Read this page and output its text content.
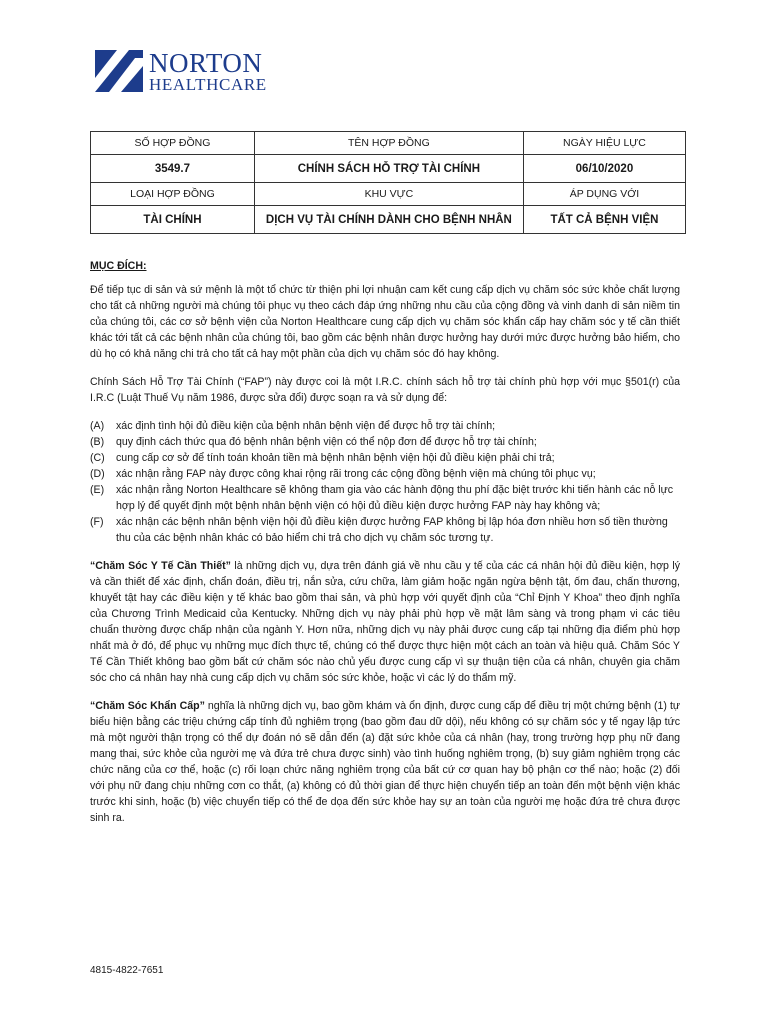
NORTON
HEALTHCARE
SỐ HỢP ĐỒNG	TÊN HỢP ĐỒNG	NGÀY HIỆU LỰC
3549.7	CHÍNH SÁCH HỖ TRỢ TÀI CHÍNH	06/10/2020
LOẠI HỢP ĐỒNG	KHU VỰC	ÁP DỤNG VỚI
TÀI CHÍNH	DỊCH VỤ TÀI CHÍNH DÀNH CHO BỆNH NHÂN	TẤT CẢ BỆNH VIỆN
MỤC ĐÍCH:

Để tiếp tục di sản và sứ mệnh là một tổ chức từ thiện phi lợi nhuận cam kết cung cấp dịch vụ chăm sóc sức khỏe chất lượng cho tất cả những người mà chúng tôi phục vụ theo cách đáp ứng những nhu cầu của cộng đồng và vinh danh di sản niềm tin của chúng tôi, các cơ sở bệnh viện của Norton Healthcare cung cấp dịch vụ chăm sóc khẩn cấp hay chăm sóc y tế cần thiết khác tới tất cả các bệnh nhân của chúng tôi, bao gồm các bệnh nhân được hưởng hay dưới mức được hưởng bảo hiểm, cho dù họ có khả năng chi trả cho tất cả hay một phần của dịch vụ chăm sóc đó hay không.

Chính Sách Hỗ Trợ Tài Chính (“FAP”) này được coi là một I.R.C. chính sách hỗ trợ tài chính phù hợp với mục §501(r) của I.R.C (Luật Thuế Vụ năm 1986, được sửa đổi) được soạn ra và sử dụng để:

(A)	xác định tình hội đủ điều kiện của bệnh nhân bệnh viện để được hỗ trợ tài chính;
(B)	quy định cách thức qua đó bệnh nhân bệnh viện có thể nộp đơn để được hỗ trợ tài chính;
(C)	cung cấp cơ sở để tính toán khoản tiền mà bệnh nhân bệnh viện hội đủ điều kiện phải chi trả;
(D)	xác nhận rằng FAP này được công khai rộng rãi trong các cộng đồng bệnh viện mà chúng tôi phục vụ;
(E)	xác nhận rằng Norton Healthcare sẽ không tham gia vào các hành động thu phí đặc biệt trước khi tiến hành các nỗ lực hợp lý để quyết định một bệnh nhân bệnh viện có hội đủ điều kiện được hưởng FAP này hay không và;
(F)	xác nhận các bệnh nhân bệnh viện hội đủ điều kiện được hưởng FAP không bị lập hóa đơn nhiều hơn số tiền thường thu của các bệnh nhân khác có bảo hiểm chi trả cho dịch vụ chăm sóc tương tự.

“Chăm Sóc Y Tế Cần Thiết” là những dịch vụ, dựa trên đánh giá về nhu cầu y tế của các cá nhân hội đủ điều kiện, hợp lý và cần thiết để xác định, chẩn đoán, điều trị, nắn sửa, cứu chữa, làm giảm hoặc ngăn ngừa bệnh tật, ốm đau, chấn thương, khuyết tật hay các điều kiện y tế khác bao gồm thai sản, và phù hợp với quyết định của “Chỉ Định Y Khoa” theo định nghĩa của Chương Trình Medicaid của Kentucky. Những dịch vụ này phải phù hợp về mặt lâm sàng và trong phạm vi các tiêu chuẩn thường được chấp nhận của ngành Y. Hơn nữa, những dịch vụ này phải được cung cấp tại những địa điểm phù hợp nhất mà ở đó, để phục vụ những mục đích thực tế, chúng có thể được thực hiện một cách an toàn và hiệu quả. Chăm Sóc Y Tế Cần Thiết không bao gồm bất cứ chăm sóc nào chủ yếu được cung cấp vì sự thuận tiện của cá nhân, chuyên gia chăm sóc cho cá nhân hay nhà cung cấp dịch vụ chăm sóc sức khỏe, hoặc vì các lý do thẩm mỹ.

“Chăm Sóc Khẩn Cấp” nghĩa là những dịch vụ, bao gồm khám và ổn định, được cung cấp để điều trị một chứng bệnh (1) tự biểu hiện bằng các triệu chứng cấp tính đủ nghiêm trọng (bao gồm đau dữ dội), nếu không có sự chăm sóc y tế ngay lập tức mà một người thận trọng có thể dự đoán nó sẽ dẫn đến (a) đặt sức khỏe của cá nhân (hay, trong trường hợp phụ nữ đang mang thai, sức khỏe của người mẹ và đứa trẻ chưa được sinh) vào tình huống nghiêm trọng, (b) suy giảm nghiêm trọng các chức năng của cơ thể, hoặc (c) rối loạn chức năng nghiêm trọng của bất cứ cơ quan hay bộ phận cơ thể nào; hoặc (2) đối với phụ nữ đang chịu những cơn co thắt, (a) không có đủ thời gian để thực hiện chuyển tiếp an toàn đến một bệnh viện khác trước khi sinh, hoặc (b) việc chuyển tiếp có thể đe dọa đến sức khỏe hay sự an toàn của người mẹ hoặc đứa trẻ chưa được sinh ra.

4815-4822-7651
